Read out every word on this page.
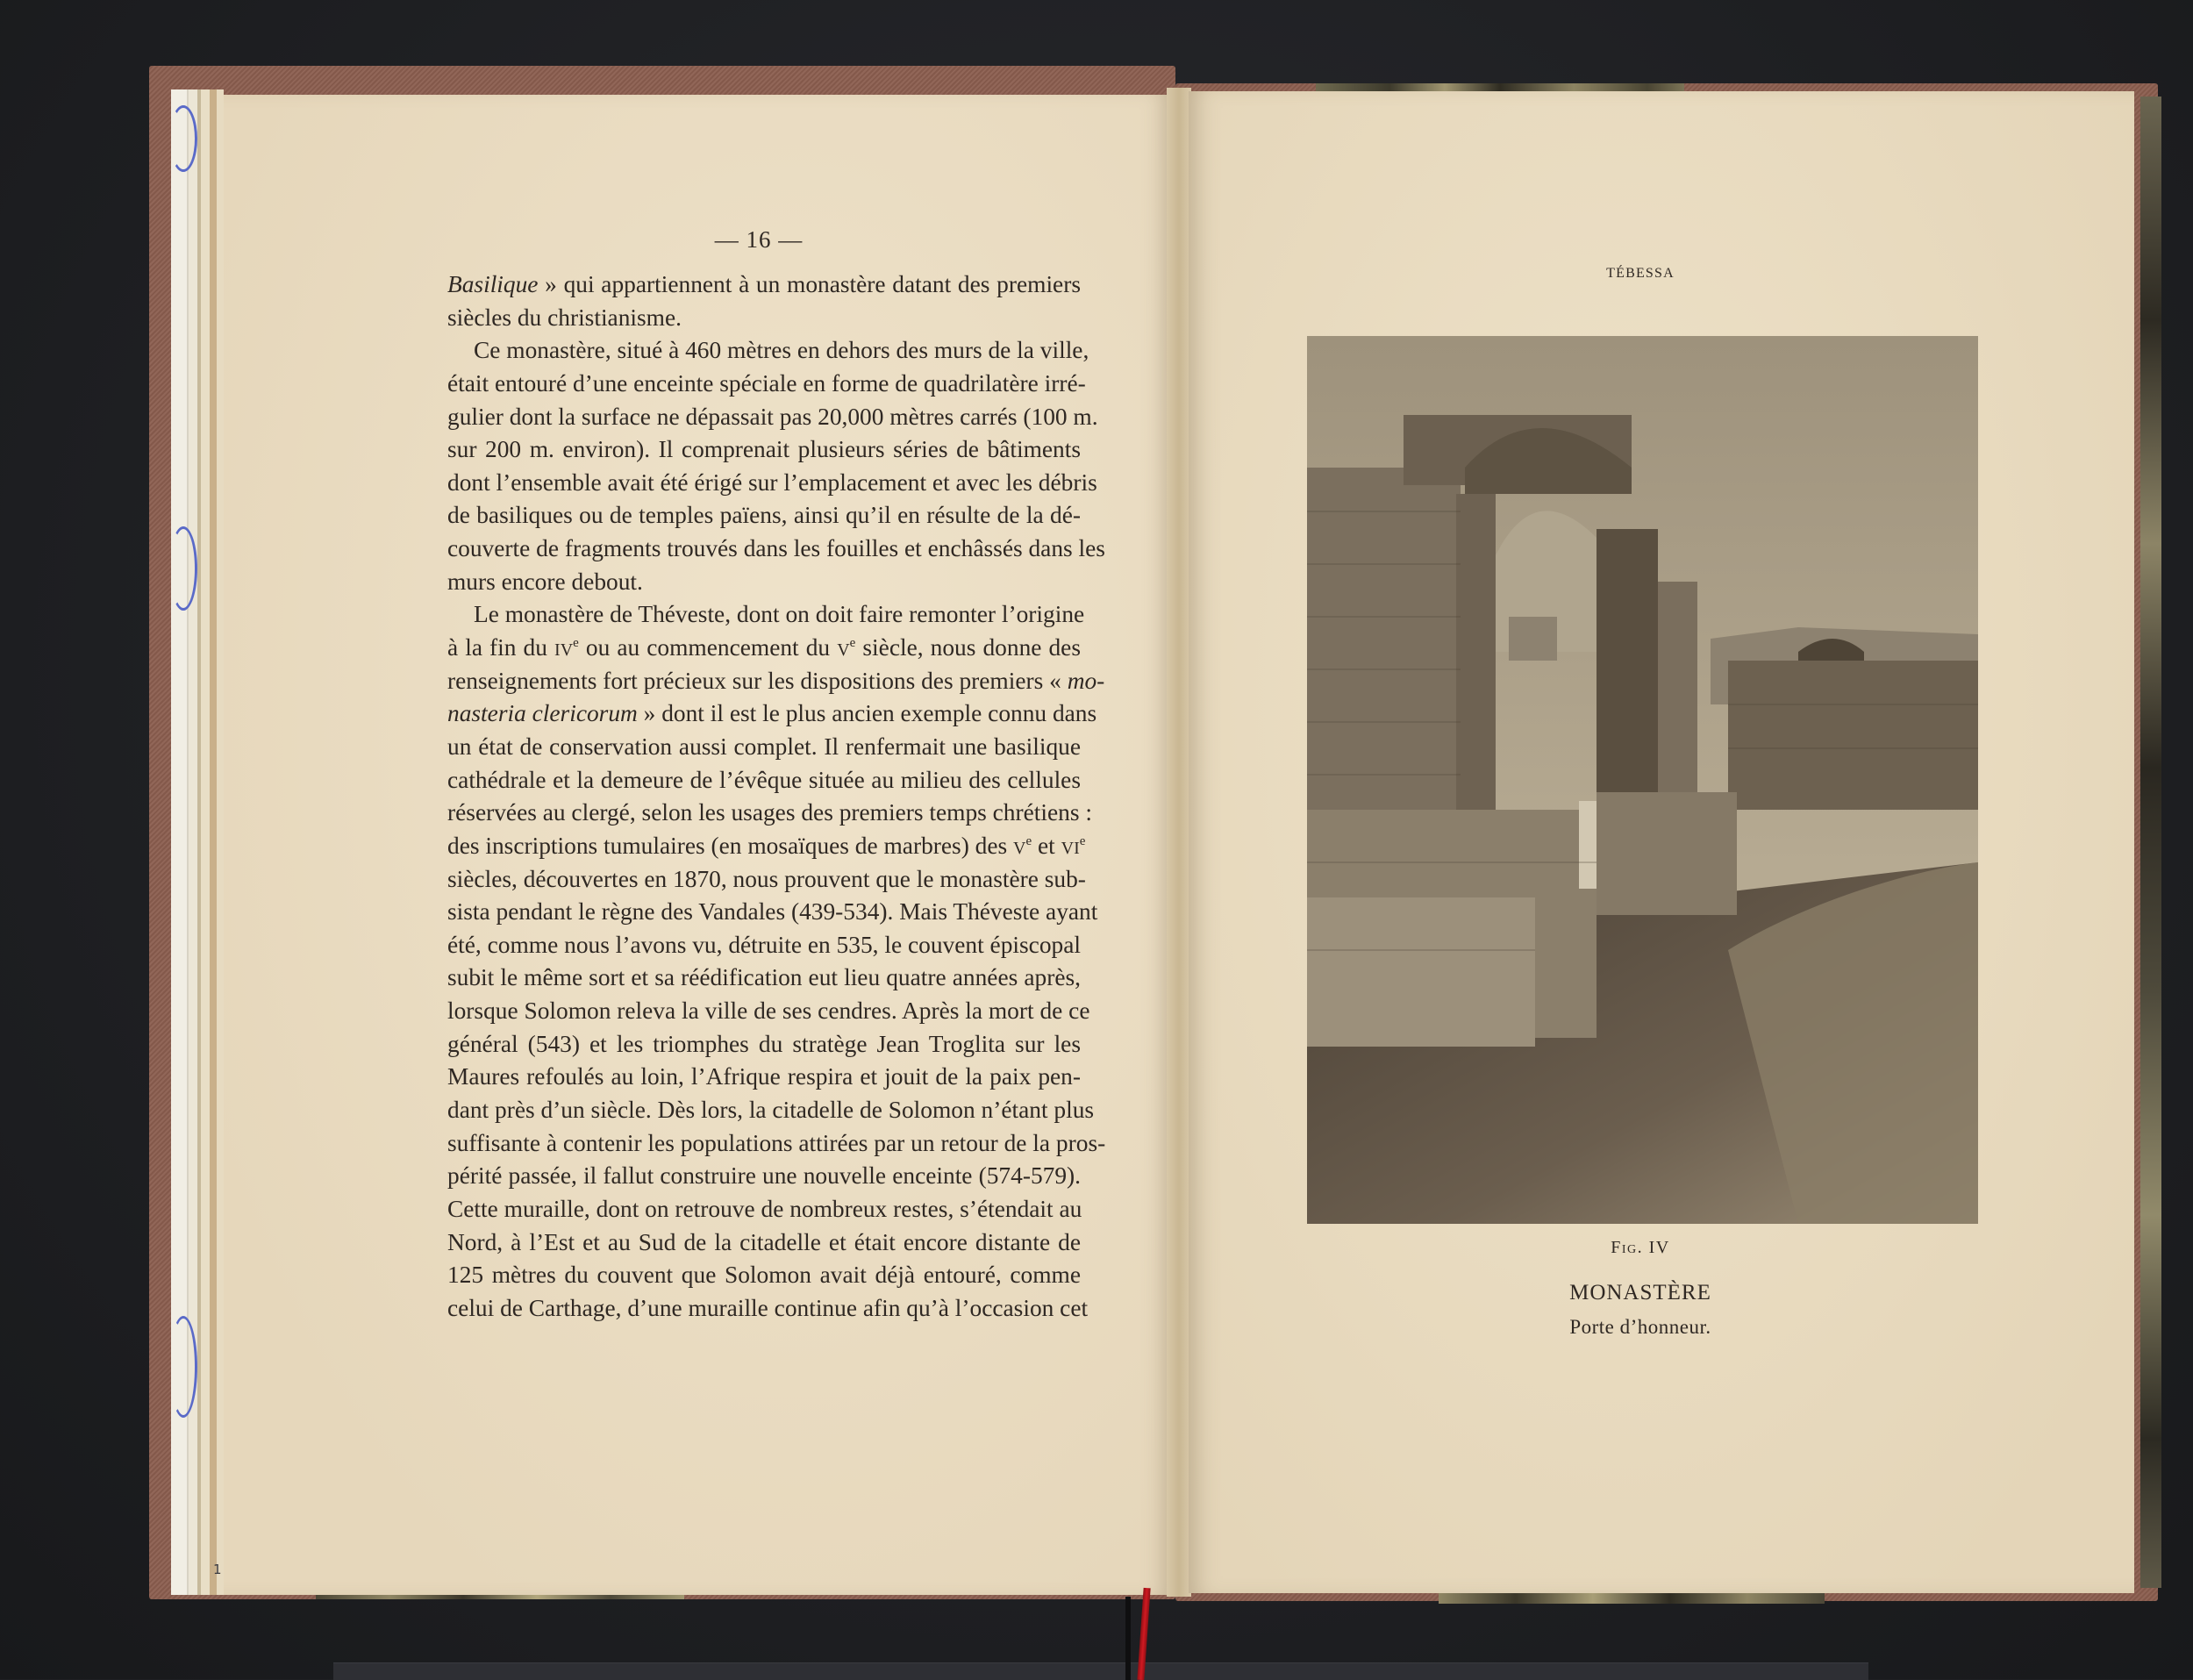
1
— 16 —
Basilique » qui appartiennent à un monastère datant des premiers
siècles du christianisme.
Ce monastère, situé à 460 mètres en dehors des murs de la ville,
était entouré d’une enceinte spéciale en forme de quadrilatère irré-
gulier dont la surface ne dépassait pas 20,000 mètres carrés (100 m.
sur 200 m. environ). Il comprenait plusieurs séries de bâtiments
dont l’ensemble avait été érigé sur l’emplacement et avec les débris
de basiliques ou de temples païens, ainsi qu’il en résulte de la dé-
couverte de fragments trouvés dans les fouilles et enchâssés dans les
murs encore debout.
Le monastère de Théveste, dont on doit faire remonter l’origine
à la fin du IVe ou au commencement du Ve siècle, nous donne des
renseignements fort précieux sur les dispositions des premiers « mo-
nasteria clericorum » dont il est le plus ancien exemple connu dans
un état de conservation aussi complet. Il renfermait une basilique
cathédrale et la demeure de l’évêque située au milieu des cellules
réservées au clergé, selon les usages des premiers temps chrétiens :
des inscriptions tumulaires (en mosaïques de marbres) des Ve et VIe
siècles, découvertes en 1870, nous prouvent que le monastère sub-
sista pendant le règne des Vandales (439-534). Mais Théveste ayant
été, comme nous l’avons vu, détruite en 535, le couvent épiscopal
subit le même sort et sa réédification eut lieu quatre années après,
lorsque Solomon releva la ville de ses cendres. Après la mort de ce
général (543) et les triomphes du stratège Jean Troglita sur les
Maures refoulés au loin, l’Afrique respira et jouit de la paix pen-
dant près d’un siècle. Dès lors, la citadelle de Solomon n’étant plus
suffisante à contenir les populations attirées par un retour de la pros-
périté passée, il fallut construire une nouvelle enceinte (574-579).
Cette muraille, dont on retrouve de nombreux restes, s’étendait au
Nord, à l’Est et au Sud de la citadelle et était encore distante de
125 mètres du couvent que Solomon avait déjà entouré, comme
celui de Carthage, d’une muraille continue afin qu’à l’occasion cet
TÉBESSA
Fig. IV
MONASTÈRE
Porte d’honneur.
